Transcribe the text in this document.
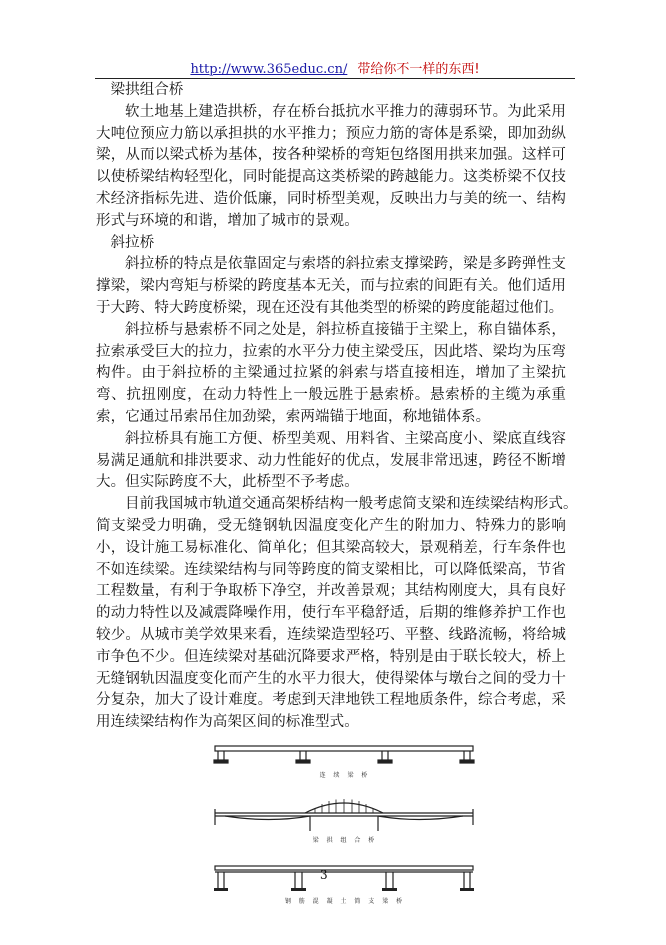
http://www.365educ.cn/ 带给你不一样的东西!

梁拱组合桥

软土地基上建造拱桥，存在桥台抵抗水平推力的薄弱环节。为此采用大吨位预应力筋以承担拱的水平推力；预应力筋的寄体是系梁，即加劲纵梁，从而以梁式桥为基体，按各种梁桥的弯矩包络图用拱来加强。这样可以使桥梁结构轻型化，同时能提高这类桥梁的跨越能力。这类桥梁不仅技术经济指标先进、造价低廉，同时桥型美观，反映出力与美的统一、结构形式与环境的和谐，增加了城市的景观。

斜拉桥

斜拉桥的特点是依靠固定与索塔的斜拉索支撑梁跨，梁是多跨弹性支撑梁，梁内弯矩与桥梁的跨度基本无关，而与拉索的间距有关。他们适用于大跨、特大跨度桥梁，现在还没有其他类型的桥梁的跨度能超过他们。

斜拉桥与悬索桥不同之处是，斜拉桥直接锚于主梁上，称自锚体系，拉索承受巨大的拉力，拉索的水平分力使主梁受压，因此塔、梁均为压弯构件。由于斜拉桥的主梁通过拉紧的斜索与塔直接相连，增加了主梁抗弯、抗扭刚度，在动力特性上一般远胜于悬索桥。悬索桥的主缆为承重索，它通过吊索吊住加劲梁，索两端锚于地面，称地锚体系。

斜拉桥具有施工方便、桥型美观、用料省、主梁高度小、梁底直线容易满足通航和排洪要求、动力性能好的优点，发展非常迅速，跨径不断增大。但实际跨度不大，此桥型不予考虑。

目前我国城市轨道交通高架桥结构一般考虑简支梁和连续梁结构形式。

简支梁受力明确，受无缝钢轨因温度变化产生的附加力、特殊力的影响小，设计施工易标准化、简单化；但其梁高较大，景观稍差，行车条件也不如连续梁。连续梁结构与同等跨度的简支梁相比，可以降低梁高，节省工程数量，有利于争取桥下净空，并改善景观；其结构刚度大，具有良好的动力特性以及减震降噪作用，使行车平稳舒适，后期的维修养护工作也较少。从城市美学效果来看，连续梁造型轻巧、平整、线路流畅，将给城市争色不少。但连续梁对基础沉降要求严格，特别是由于联长较大，桥上无缝钢轨因温度变化而产生的水平力很大，使得梁体与墩台之间的受力十分复杂，加大了设计难度。考虑到天津地铁工程地质条件，综合考虑，采用连续梁结构作为高架区间的标准型式。

连 续 梁 桥
梁 拱 组 合 桥
钢 筋 混 凝 土 简 支 梁 桥
3
